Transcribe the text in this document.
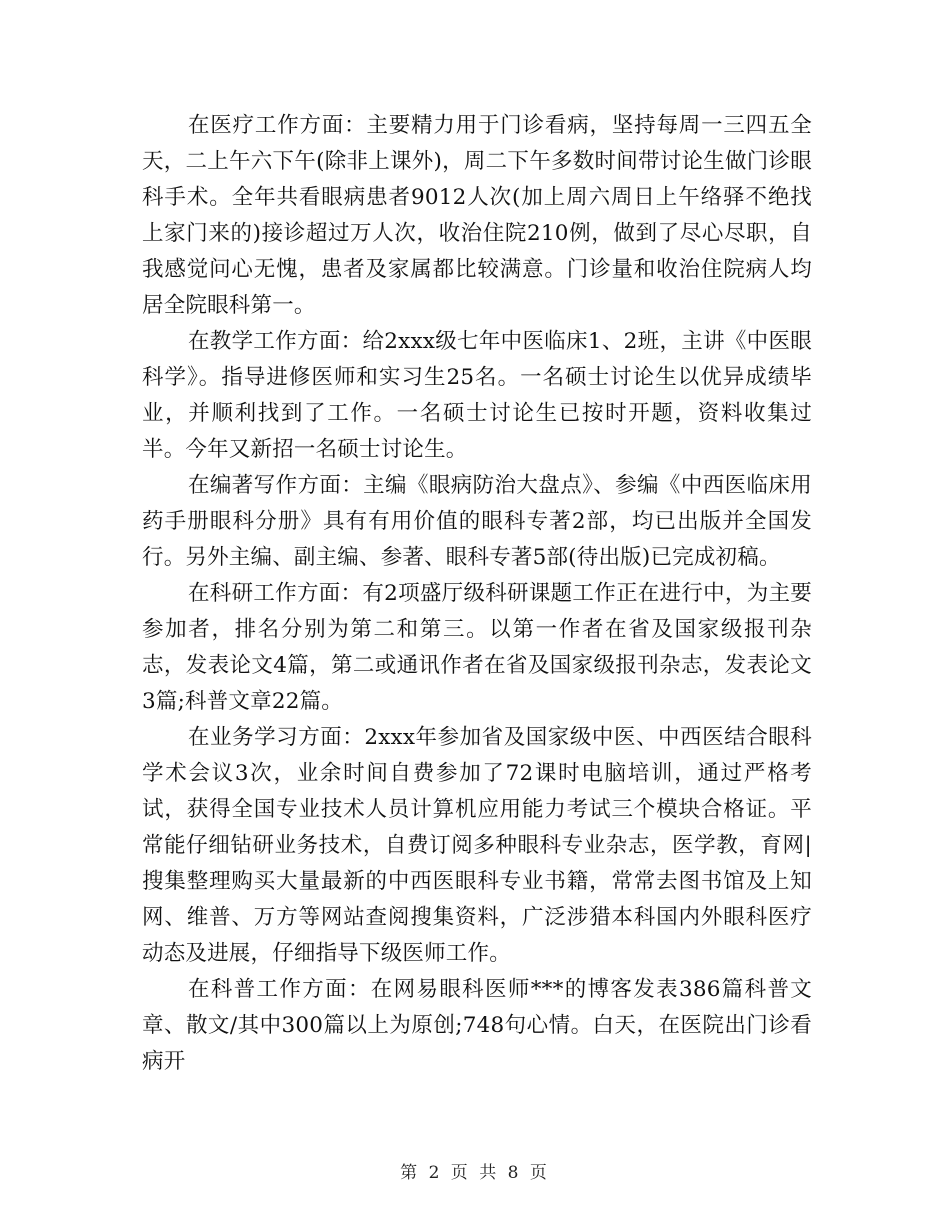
在医疗工作方面：主要精力用于门诊看病，坚持每周一三四五全天，二上午六下午(除非上课外)，周二下午多数时间带讨论生做门诊眼科手术。全年共看眼病患者9012人次(加上周六周日上午络驿不绝找上家门来的)接诊超过万人次，收治住院210例，做到了尽心尽职，自我感觉问心无愧，患者及家属都比较满意。门诊量和收治住院病人均居全院眼科第一。

在教学工作方面：给2xxx级七年中医临床1、2班，主讲《中医眼科学》。指导进修医师和实习生25名。一名硕士讨论生以优异成绩毕业，并顺利找到了工作。一名硕士讨论生已按时开题，资料收集过半。今年又新招一名硕士讨论生。

在编著写作方面：主编《眼病防治大盘点》、参编《中西医临床用药手册眼科分册》具有有用价值的眼科专著2部，均已出版并全国发行。另外主编、副主编、参著、眼科专著5部(待出版)已完成初稿。

在科研工作方面：有2项盛厅级科研课题工作正在进行中，为主要参加者，排名分别为第二和第三。以第一作者在省及国家级报刊杂志，发表论文4篇，第二或通讯作者在省及国家级报刊杂志，发表论文3篇;科普文章22篇。

在业务学习方面：2xxx年参加省及国家级中医、中西医结合眼科学术会议3次，业余时间自费参加了72课时电脑培训，通过严格考试，获得全国专业技术人员计算机应用能力考试三个模块合格证。平常能仔细钻研业务技术，自费订阅多种眼科专业杂志，医学教，育网|搜集整理购买大量最新的中西医眼科专业书籍，常常去图书馆及上知网、维普、万方等网站查阅搜集资料，广泛涉猎本科国内外眼科医疗动态及进展，仔细指导下级医师工作。

在科普工作方面：在网易眼科医师***的博客发表386篇科普文章、散文/其中300篇以上为原创;748句心情。白天，在医院出门诊看病开

第 2 页 共 8 页
